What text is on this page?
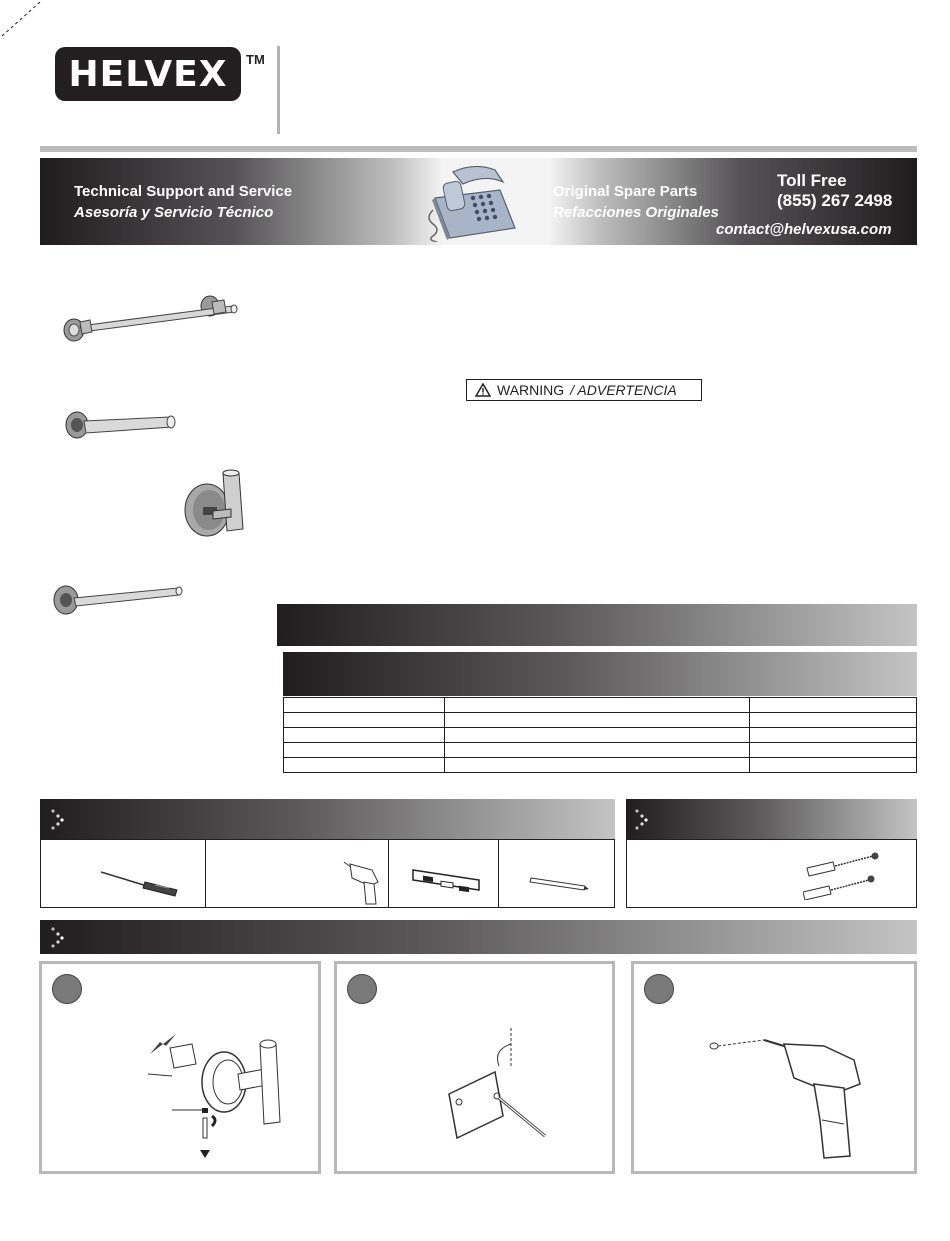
HELVEX TM
Technical Support and Service
Asesoría y Servicio Técnico
Original Spare Parts
Refacciones Originales
Toll Free
(855) 267 2498
contact@helvexusa.com
WARNING / ADVERTENCIA
